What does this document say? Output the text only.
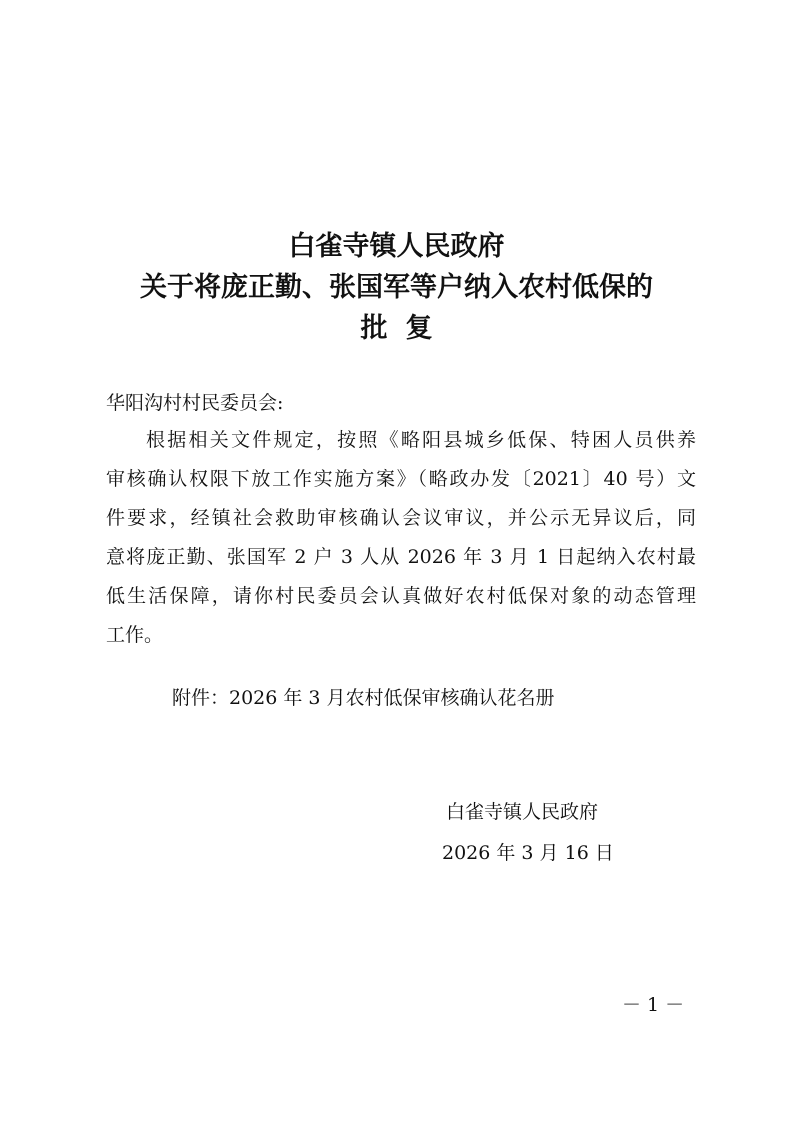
白雀寺镇人民政府
关于将庞正勤、张国军等户纳入农村低保的
批复
华阳沟村村民委员会:
根据相关文件规定，按照《略阳县城乡低保、特困人员供养
审核确认权限下放工作实施方案》（略政办发〔2021〕40 号）文
件要求，经镇社会救助审核确认会议审议，并公示无异议后，同
意将庞正勤、张国军 2 户 3 人从 2026 年 3 月 1 日起纳入农村最
低生活保障，请你村民委员会认真做好农村低保对象的动态管理
工作。
附件：2026 年 3 月农村低保审核确认花名册
白雀寺镇人民政府
2026 年 3 月 16 日
－ 1 －
